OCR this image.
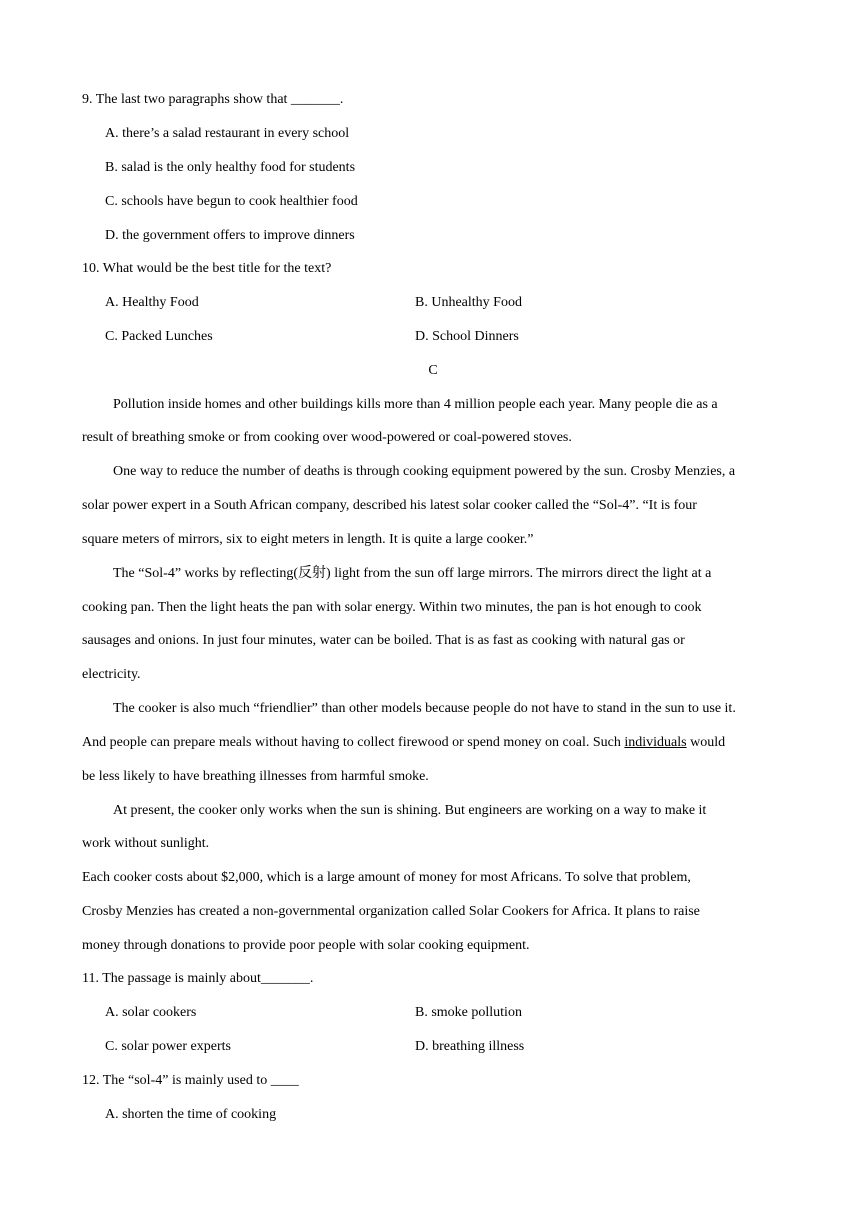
9. The last two paragraphs show that _______.
A. there’s a salad restaurant in every school
B. salad is the only healthy food for students
C. schools have begun to cook healthier food
D. the government offers to improve dinners
10. What would be the best title for the text?
A. Healthy Food	B. Unhealthy Food
C. Packed Lunches	D. School Dinners
C
Pollution inside homes and other buildings kills more than 4 million people each year. Many people die as a
result of breathing smoke or from cooking over wood-powered or coal-powered stoves.
One way to reduce the number of deaths is through cooking equipment powered by the sun. Crosby Menzies, a
solar power expert in a South African company, described his latest solar cooker called the “Sol-4”. “It is four
square meters of mirrors, six to eight meters in length. It is quite a large cooker.”
The “Sol-4” works by reflecting(反射) light from the sun off large mirrors. The mirrors direct the light at a
cooking pan. Then the light heats the pan with solar energy. Within two minutes, the pan is hot enough to cook
sausages and onions. In just four minutes, water can be boiled. That is as fast as cooking with natural gas or
electricity.
The cooker is also much “friendlier” than other models because people do not have to stand in the sun to use it.
And people can prepare meals without having to collect firewood or spend money on coal. Such individuals would
be less likely to have breathing illnesses from harmful smoke.
At present, the cooker only works when the sun is shining. But engineers are working on a way to make it
work without sunlight.
Each cooker costs about $2,000, which is a large amount of money for most Africans. To solve that problem,
Crosby Menzies has created a non-governmental organization called Solar Cookers for Africa. It plans to raise
money through donations to provide poor people with solar cooking equipment.
11. The passage is mainly about_______.
A. solar cookers	B. smoke pollution
C. solar power experts	D. breathing illness
12. The “sol-4” is mainly used to ____
A. shorten the time of cooking
